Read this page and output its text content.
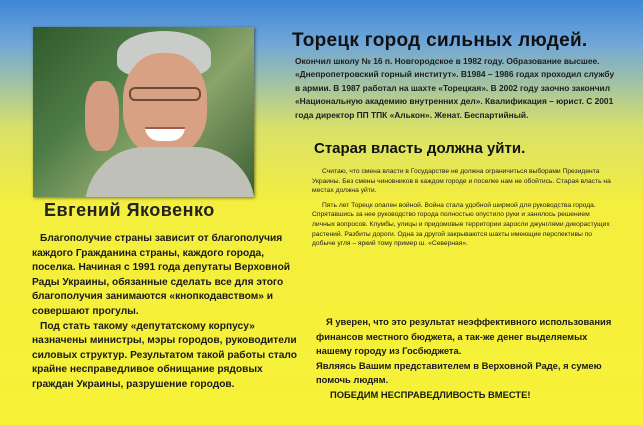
Евгений Яковенко

Благополучие страны зависит от благополучия каждого Гражданина страны, каждого города, поселка. Начиная с 1991 года депутаты Верховной Рады Украины, обязанные сделать все для этого благополучия занимаются «кнопкодавством» и совершают прогулы.

Под стать такому «депутатскому корпусу» назначены министры, мэры городов, руководители силовых структур. Результатом такой работы стало крайне несправедливое обнищание рядовых граждан Украины, разрушение городов.

Торецк город сильных людей.
Окончил школу № 16 п. Новгородское в 1982 году. Образование высшее. «Днепропетровский горный институт». В1984 – 1986 годах проходил службу в армии. В 1987 работал на шахте «Торецкая». В 2002 году заочно закончил «Национальную академию внутренних дел». Квалификация – юрист. С 2001 года директор ПП ТПК «Алькон». Женат. Беспартийный.
Старая власть должна уйти.

Считаю, что смена власти в Государстве не должна ограничиться выборами Президента Украины. Без смены чиновников в каждом городе и поселке нам не обойтись. Старая власть на местах должна уйти.

Пять лет Торецк опален войной. Война стала удобной ширмой для руководства города. Спрятавшись за нее руководство города полностью опустило руки и занялось решением личных вопросов. Клумбы, улицы и придомовые территории заросли джунглями дикорастущих растений. Разбиты дороги. Одна за другой закрываются шахты имеющие перспективы по добыче угля – яркий тому пример ш. «Северная».

Я уверен, что это результат неэффективного использования финансов местного бюджета, а так-же денег выделяемых нашему городу из Госбюджета.
Являясь Вашим представителем в Верховной Раде, я сумею помочь людям.
ПОБЕДИМ НЕСПРАВЕДЛИВОСТЬ ВМЕСТЕ!
